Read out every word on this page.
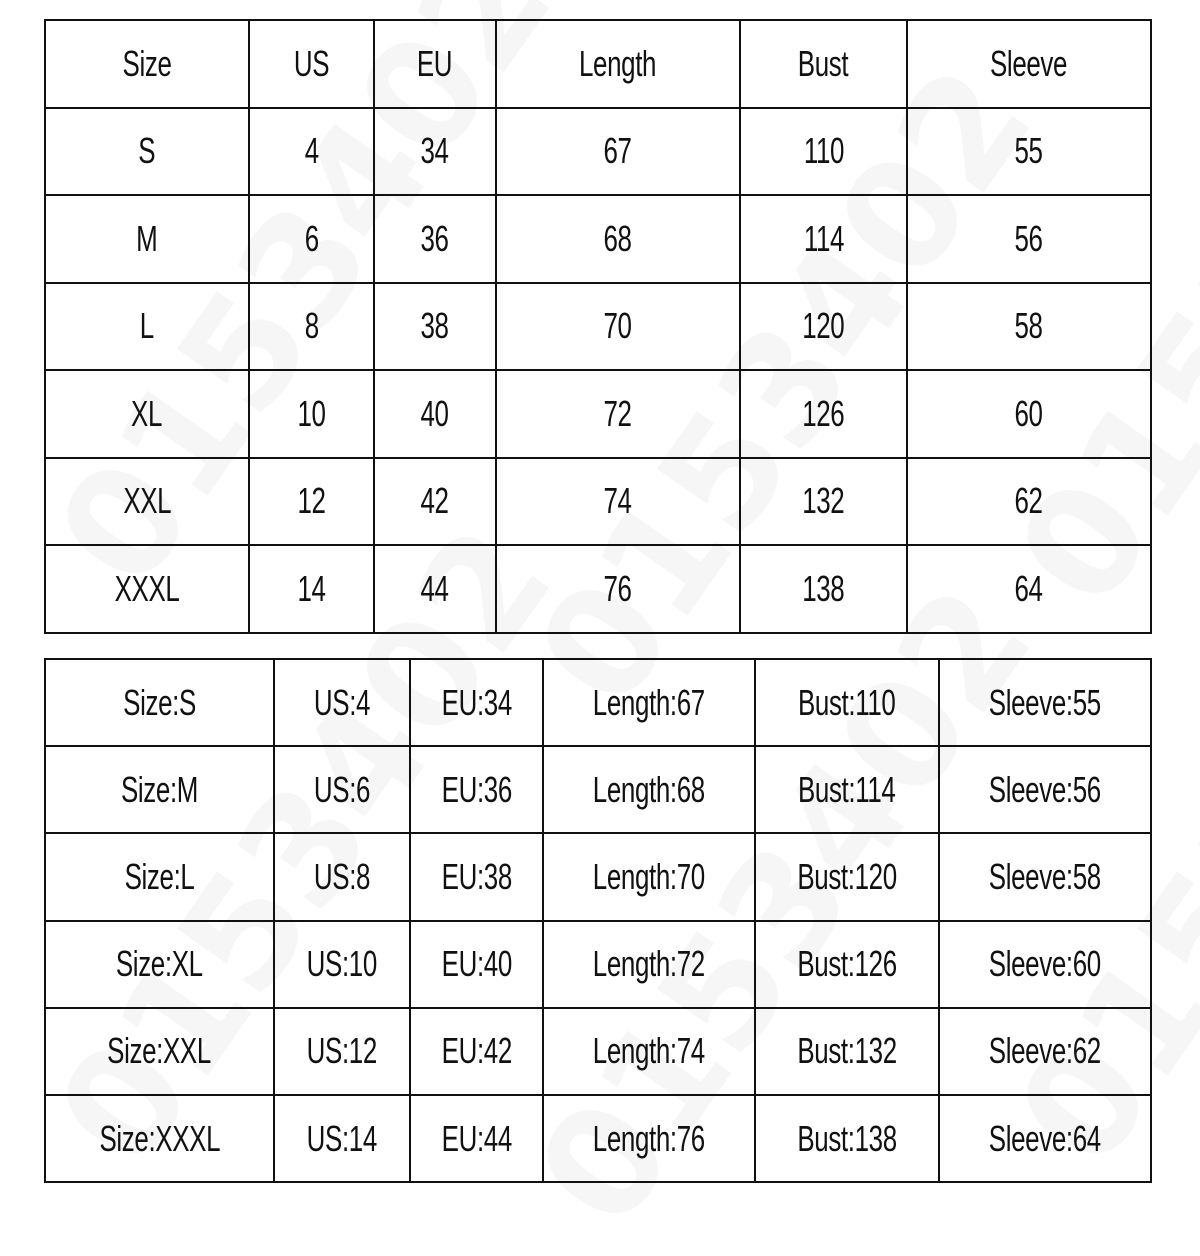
Size	US	EU	Length	Bust	Sleeve
S	4	34	67	110	55
M	6	36	68	114	56
L	8	38	70	120	58
XL	10	40	72	126	60
XXL	12	42	74	132	62
XXXL	14	44	76	138	64
Size:S	US:4	EU:34	Length:67	Bust:110	Sleeve:55
Size:M	US:6	EU:36	Length:68	Bust:114	Sleeve:56
Size:L	US:8	EU:38	Length:70	Bust:120	Sleeve:58
Size:XL	US:10	EU:40	Length:72	Bust:126	Sleeve:60
Size:XXL	US:12	EU:42	Length:74	Bust:132	Sleeve:62
Size:XXXL	US:14	EU:44	Length:76	Bust:138	Sleeve:64
